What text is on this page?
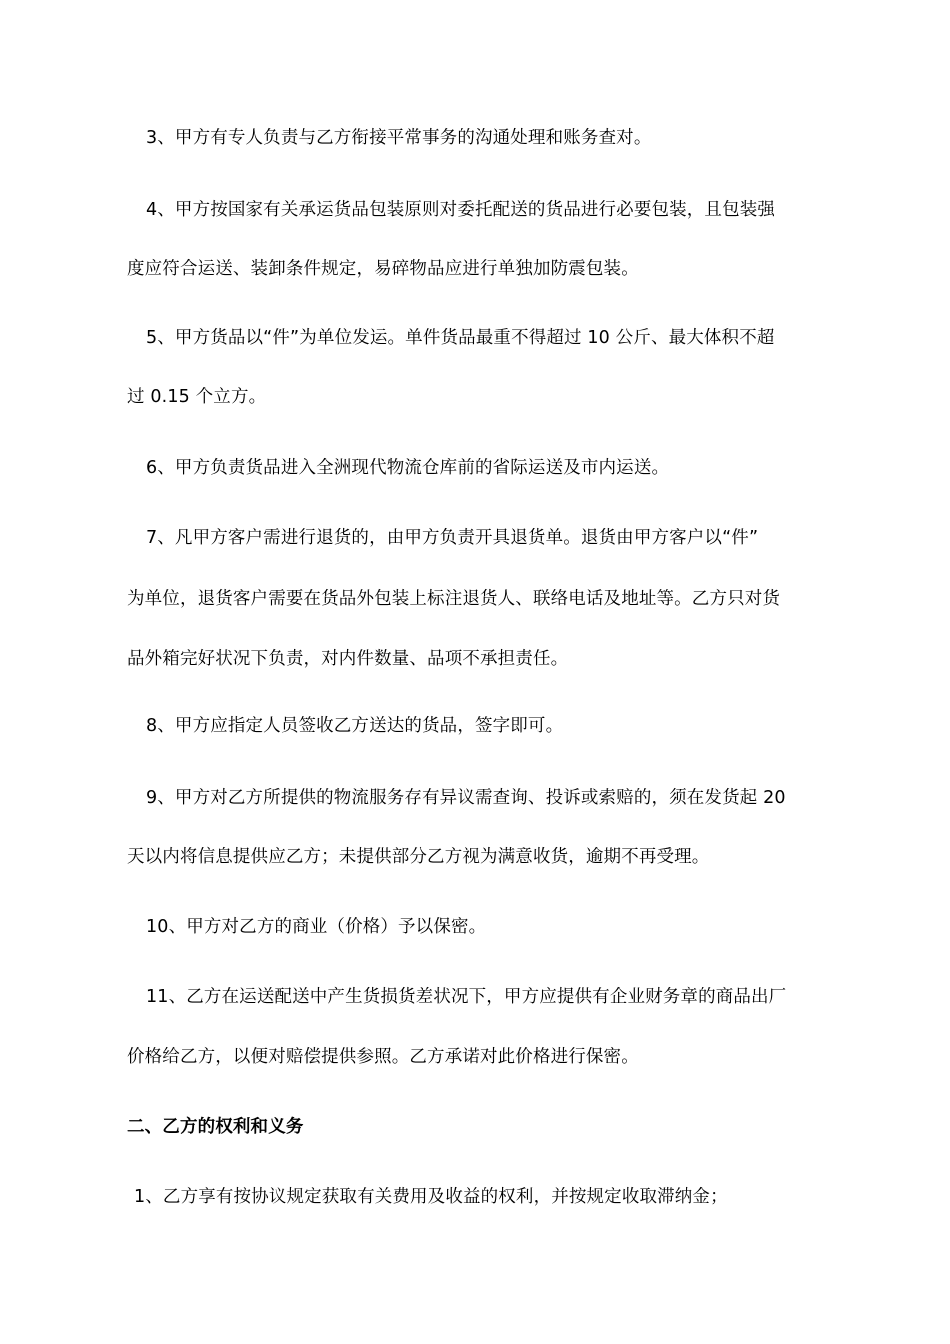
3、甲方有专人负责与乙方衔接平常事务的沟通处理和账务查对。
4、甲方按国家有关承运货品包装原则对委托配送的货品进行必要包装，且包装强
度应符合运送、装卸条件规定，易碎物品应进行单独加防震包装。
5、甲方货品以“件”为单位发运。单件货品最重不得超过 10 公斤、最大体积不超
过 0.15 个立方。
6、甲方负责货品进入全洲现代物流仓库前的省际运送及市内运送。
7、凡甲方客户需进行退货的，由甲方负责开具退货单。退货由甲方客户以“件”
为单位，退货客户需要在货品外包装上标注退货人、联络电话及地址等。乙方只对货
品外箱完好状况下负责，对内件数量、品项不承担责任。
8、甲方应指定人员签收乙方送达的货品，签字即可。
9、甲方对乙方所提供的物流服务存有异议需查询、投诉或索赔的，须在发货起 20
天以内将信息提供应乙方；未提供部分乙方视为满意收货，逾期不再受理。
10、甲方对乙方的商业（价格）予以保密。
11、乙方在运送配送中产生货损货差状况下，甲方应提供有企业财务章的商品出厂
价格给乙方，以便对赔偿提供参照。乙方承诺对此价格进行保密。
二、乙方的权利和义务
1、乙方享有按协议规定获取有关费用及收益的权利，并按规定收取滞纳金；
